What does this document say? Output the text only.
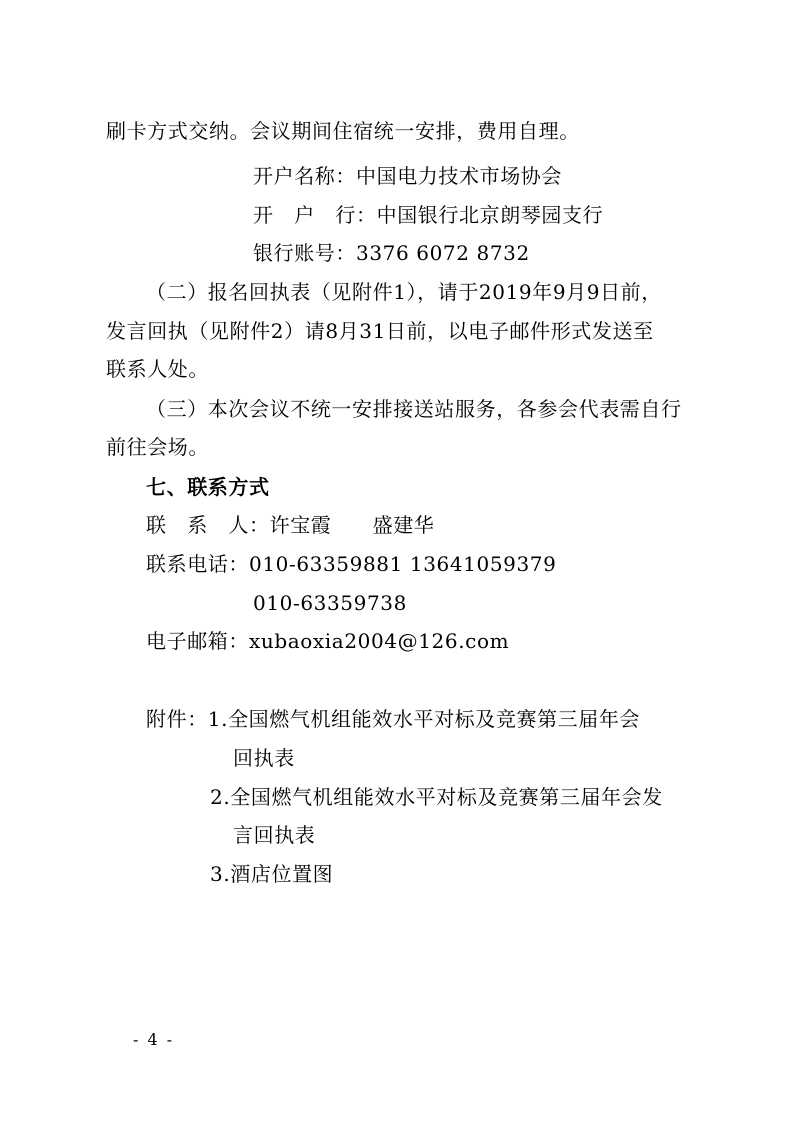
刷卡方式交纳。会议期间住宿统一安排，费用自理。
开户名称：中国电力技术市场协会
开　户　行：中国银行北京朗琴园支行
银行账号：3376 6072 8732
（二）报名回执表（见附件1），请于2019年9月9日前，
发言回执（见附件2）请8月31日前，以电子邮件形式发送至
联系人处。
（三）本次会议不统一安排接送站服务，各参会代表需自行
前往会场。
七、联系方式
联　系　人：许宝霞　　盛建华
联系电话：010-63359881 13641059379
010-63359738
电子邮箱：xubaoxia2004@126.com
附件：1.全国燃气机组能效水平对标及竞赛第三届年会
回执表
2.全国燃气机组能效水平对标及竞赛第三届年会发
言回执表
3.酒店位置图
- 4 -
